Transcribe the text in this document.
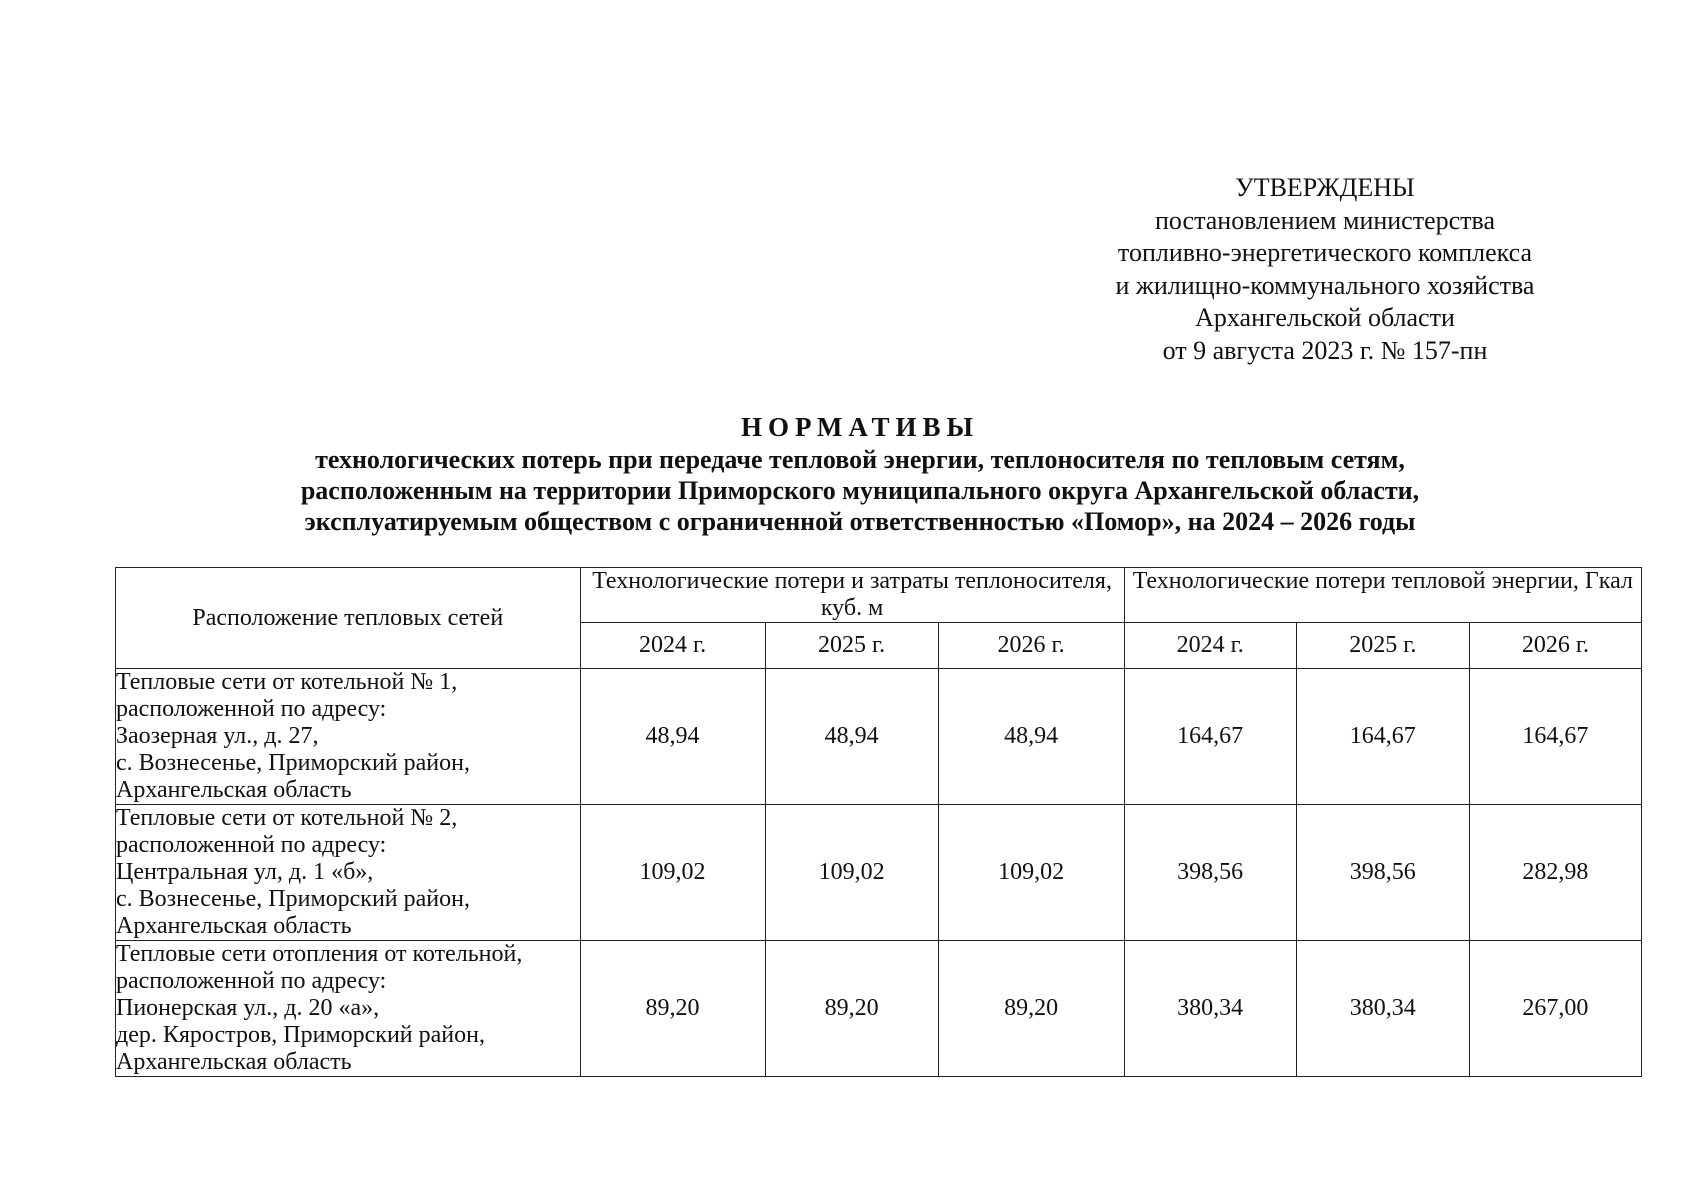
УТВЕРЖДЕНЫ
постановлением министерства
топливно-энергетического комплекса
и жилищно-коммунального хозяйства
Архангельской области
от 9 августа 2023 г. № 157-пн
НОРМАТИВЫ
технологических потерь при передаче тепловой энергии, теплоносителя по тепловым сетям,
расположенным на территории Приморского муниципального округа Архангельской области,
эксплуатируемым обществом с ограниченной ответственностью «Помор», на 2024 – 2026 годы
Расположение тепловых сетей	Технологические потери и затраты теплоносителя, куб. м			Технологические потери тепловой энергии, Гкал		
	2024 г.	2025 г.	2026 г.	2024 г.	2025 г.	2026 г.

Тепловые сети от котельной № 1,
расположенной по адресу:
Заозерная ул., д. 27,
с. Вознесенье, Приморский район,
Архангельская область	48,94	48,94	48,94	164,67	164,67	164,67

Тепловые сети от котельной № 2,
расположенной по адресу:
Центральная ул, д. 1 «б»,
с. Вознесенье, Приморский район,
Архангельская область	109,02	109,02	109,02	398,56	398,56	282,98

Тепловые сети отопления от котельной,
расположенной по адресу:
Пионерская ул., д. 20 «а»,
дер. Кяростров, Приморский район,
Архангельская область	89,20	89,20	89,20	380,34	380,34	267,00
